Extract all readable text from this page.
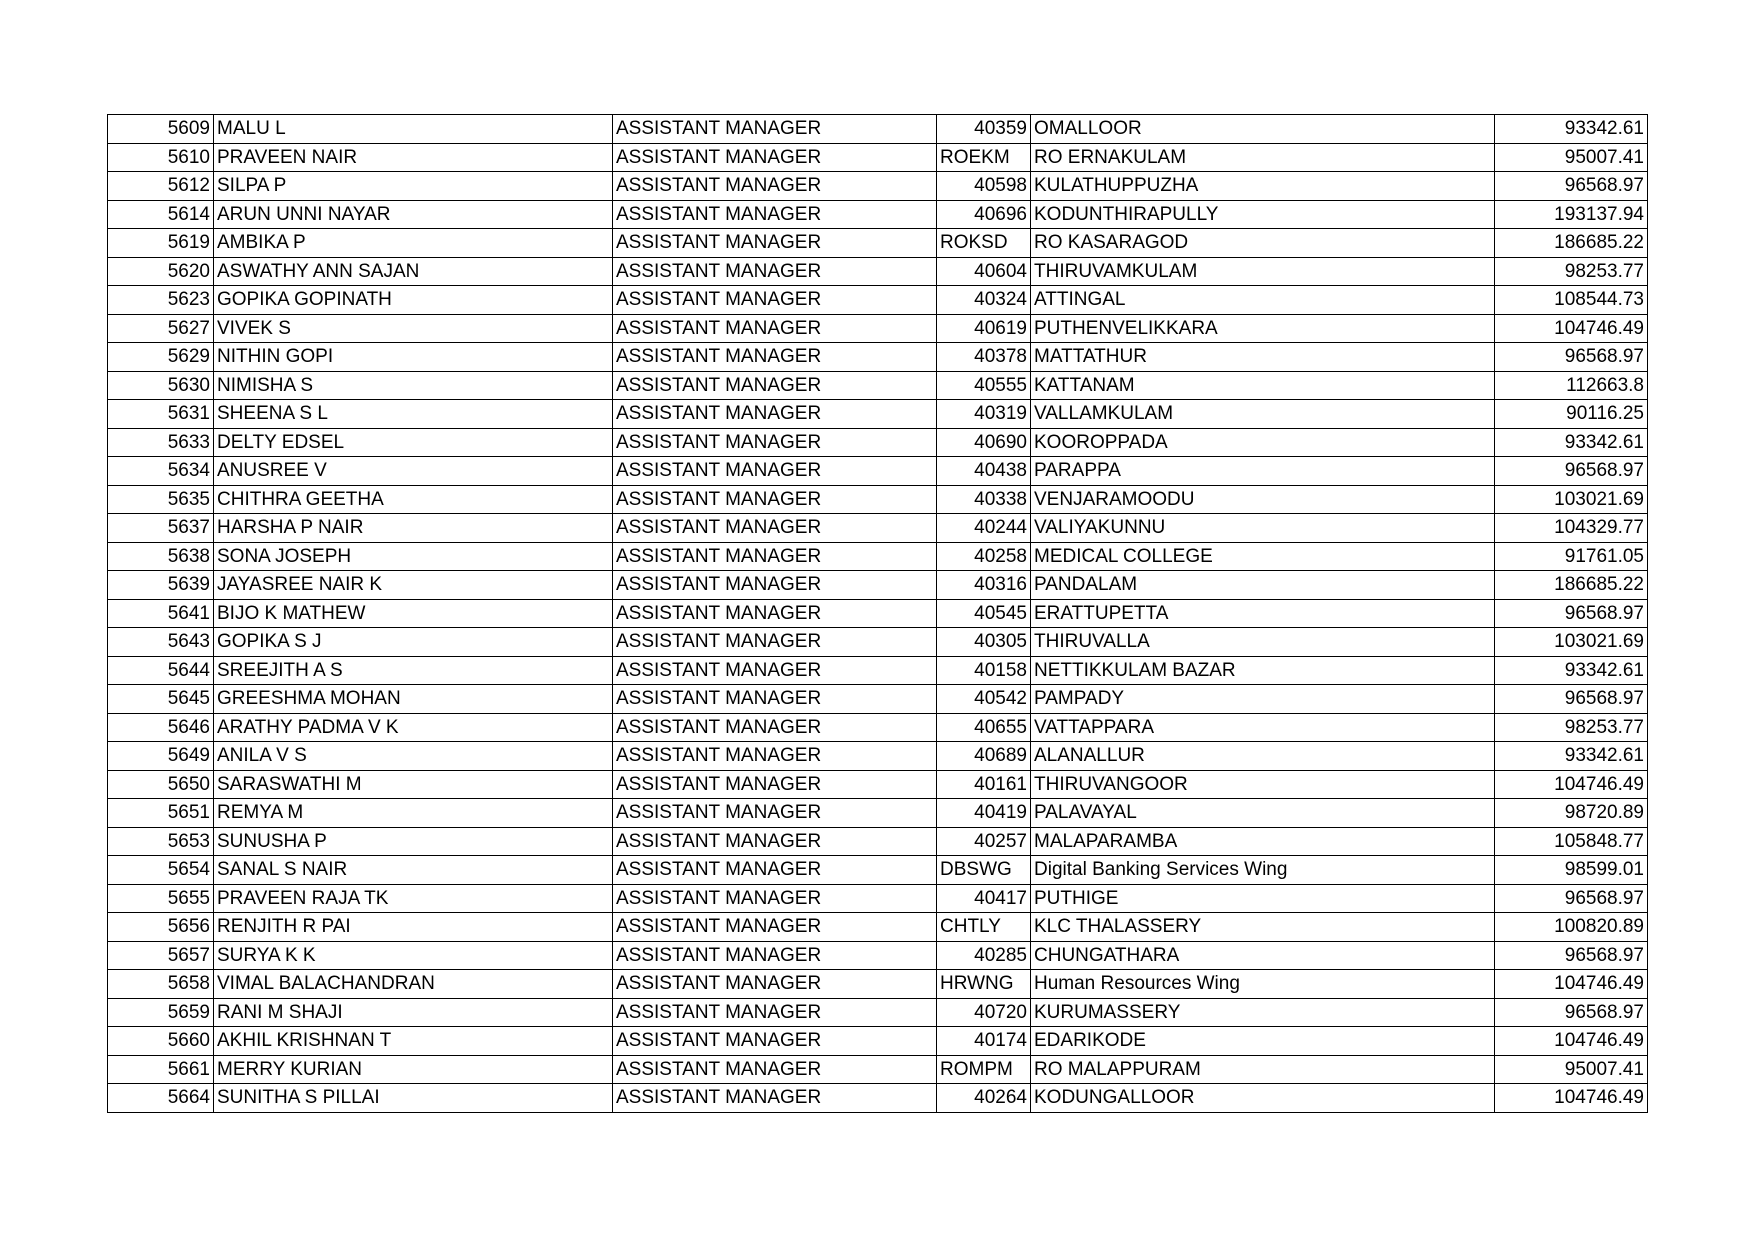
5609	MALU L	ASSISTANT MANAGER	40359	OMALLOOR	93342.61
5610	PRAVEEN NAIR	ASSISTANT MANAGER	ROEKM	RO ERNAKULAM	95007.41
5612	SILPA P	ASSISTANT MANAGER	40598	KULATHUPPUZHA	96568.97
5614	ARUN UNNI NAYAR	ASSISTANT MANAGER	40696	KODUNTHIRAPULLY	193137.94
5619	AMBIKA P	ASSISTANT MANAGER	ROKSD	RO KASARAGOD	186685.22
5620	ASWATHY ANN SAJAN	ASSISTANT MANAGER	40604	THIRUVAMKULAM	98253.77
5623	GOPIKA GOPINATH	ASSISTANT MANAGER	40324	ATTINGAL	108544.73
5627	VIVEK S	ASSISTANT MANAGER	40619	PUTHENVELIKKARA	104746.49
5629	NITHIN GOPI	ASSISTANT MANAGER	40378	MATTATHUR	96568.97
5630	NIMISHA S	ASSISTANT MANAGER	40555	KATTANAM	112663.8
5631	SHEENA S L	ASSISTANT MANAGER	40319	VALLAMKULAM	90116.25
5633	DELTY EDSEL	ASSISTANT MANAGER	40690	KOOROPPADA	93342.61
5634	ANUSREE V	ASSISTANT MANAGER	40438	PARAPPA	96568.97
5635	CHITHRA GEETHA	ASSISTANT MANAGER	40338	VENJARAMOODU	103021.69
5637	HARSHA P NAIR	ASSISTANT MANAGER	40244	VALIYAKUNNU	104329.77
5638	SONA JOSEPH	ASSISTANT MANAGER	40258	MEDICAL COLLEGE	91761.05
5639	JAYASREE NAIR K	ASSISTANT MANAGER	40316	PANDALAM	186685.22
5641	BIJO K MATHEW	ASSISTANT MANAGER	40545	ERATTUPETTA	96568.97
5643	GOPIKA S J	ASSISTANT MANAGER	40305	THIRUVALLA	103021.69
5644	SREEJITH A S	ASSISTANT MANAGER	40158	NETTIKKULAM BAZAR	93342.61
5645	GREESHMA MOHAN	ASSISTANT MANAGER	40542	PAMPADY	96568.97
5646	ARATHY PADMA V K	ASSISTANT MANAGER	40655	VATTAPPARA	98253.77
5649	ANILA V S	ASSISTANT MANAGER	40689	ALANALLUR	93342.61
5650	SARASWATHI M	ASSISTANT MANAGER	40161	THIRUVANGOOR	104746.49
5651	REMYA M	ASSISTANT MANAGER	40419	PALAVAYAL	98720.89
5653	SUNUSHA P	ASSISTANT MANAGER	40257	MALAPARAMBA	105848.77
5654	SANAL S NAIR	ASSISTANT MANAGER	DBSWG	Digital Banking Services Wing	98599.01
5655	PRAVEEN RAJA TK	ASSISTANT MANAGER	40417	PUTHIGE	96568.97
5656	RENJITH R PAI	ASSISTANT MANAGER	CHTLY	KLC THALASSERY	100820.89
5657	SURYA K K	ASSISTANT MANAGER	40285	CHUNGATHARA	96568.97
5658	VIMAL BALACHANDRAN	ASSISTANT MANAGER	HRWNG	Human Resources Wing	104746.49
5659	RANI M SHAJI	ASSISTANT MANAGER	40720	KURUMASSERY	96568.97
5660	AKHIL KRISHNAN T	ASSISTANT MANAGER	40174	EDARIKODE	104746.49
5661	MERRY KURIAN	ASSISTANT MANAGER	ROMPM	RO MALAPPURAM	95007.41
5664	SUNITHA S PILLAI	ASSISTANT MANAGER	40264	KODUNGALLOOR	104746.49
